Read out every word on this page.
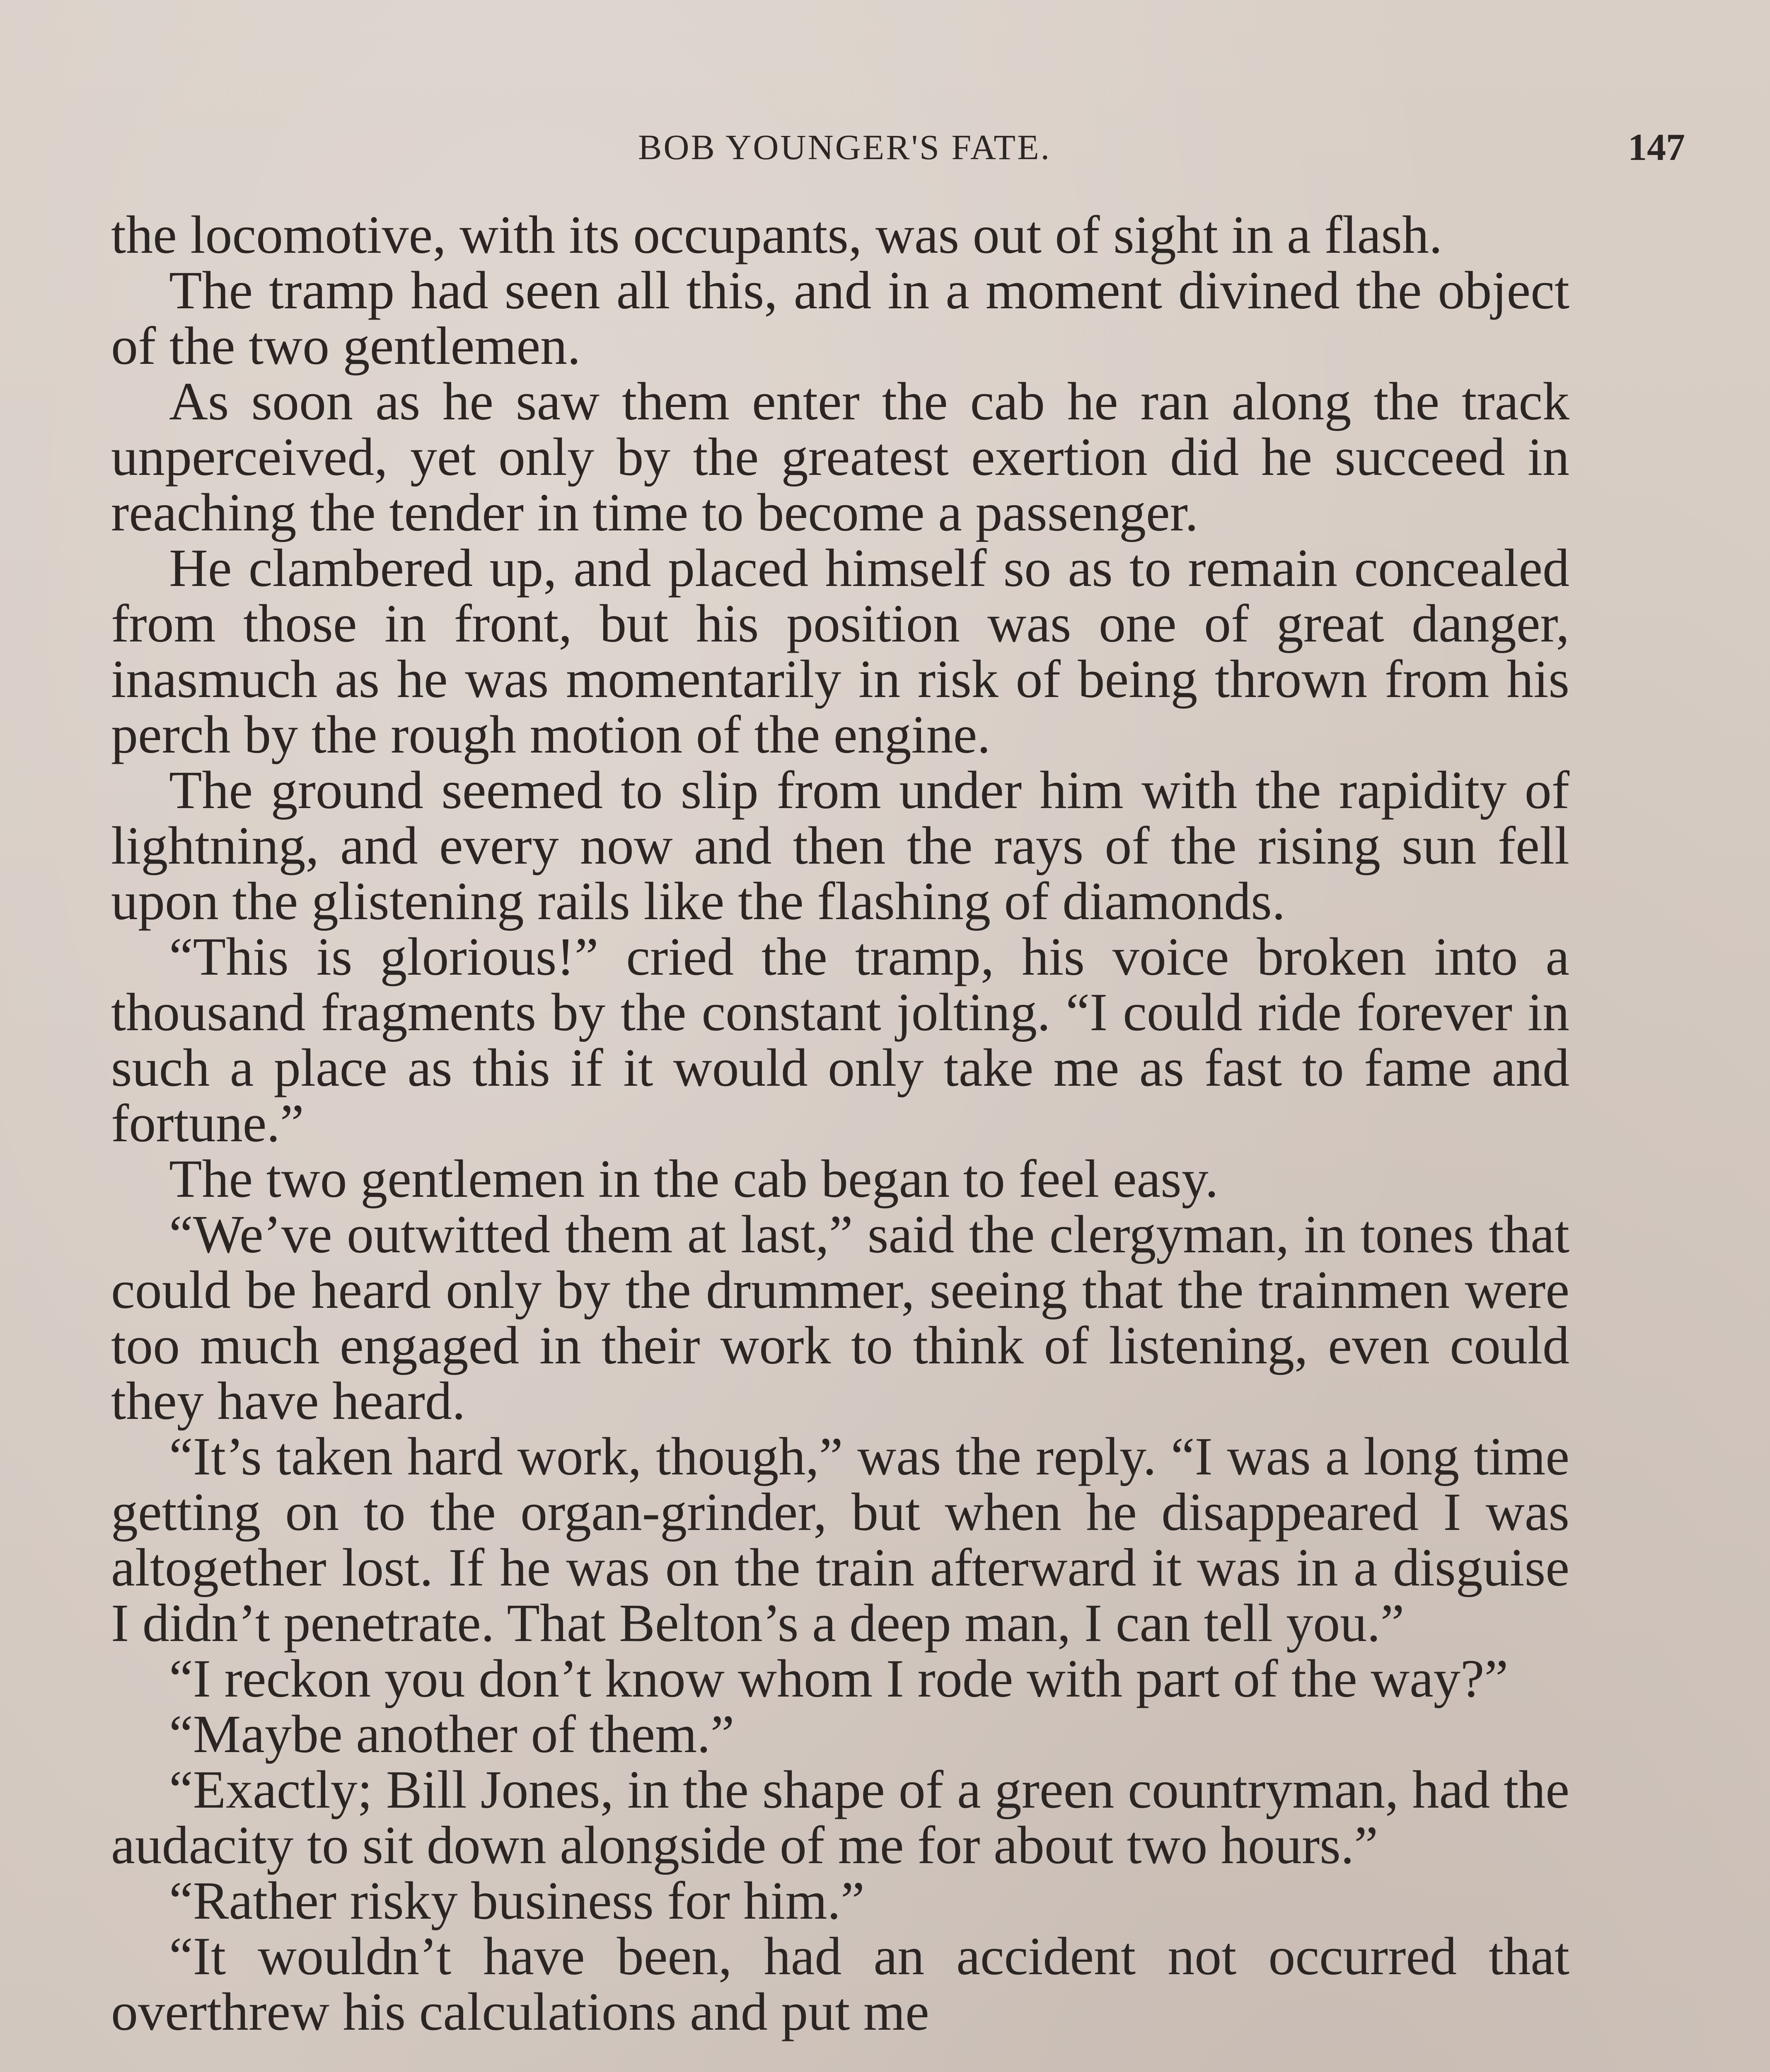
BOB YOUNGER'S FATE.	147

the locomotive, with its occupants, was out of sight in a flash.

The tramp had seen all this, and in a moment divined the object of the two gentlemen.

As soon as he saw them enter the cab he ran along the track unperceived, yet only by the greatest exertion did he succeed in reaching the tender in time to become a passenger.

He clambered up, and placed himself so as to remain concealed from those in front, but his position was one of great danger, inasmuch as he was momentarily in risk of being thrown from his perch by the rough motion of the engine.

The ground seemed to slip from under him with the rapidity of lightning, and every now and then the rays of the rising sun fell upon the glistening rails like the flashing of diamonds.

“This is glorious!” cried the tramp, his voice broken into a thousand fragments by the constant jolting. “I could ride forever in such a place as this if it would only take me as fast to fame and fortune.”

The two gentlemen in the cab began to feel easy.

“We’ve outwitted them at last,” said the clergyman, in tones that could be heard only by the drummer, seeing that the trainmen were too much engaged in their work to think of listening, even could they have heard.

“It’s taken hard work, though,” was the reply. “I was a long time getting on to the organ-grinder, but when he disappeared I was altogether lost. If he was on the train afterward it was in a disguise I didn’t penetrate. That Belton’s a deep man, I can tell you.”

“I reckon you don’t know whom I rode with part of the way?”

“Maybe another of them.”

“Exactly; Bill Jones, in the shape of a green countryman, had the audacity to sit down alongside of me for about two hours.”

“Rather risky business for him.”

“It wouldn’t have been, had an accident not occurred that overthrew his calculations and put me
